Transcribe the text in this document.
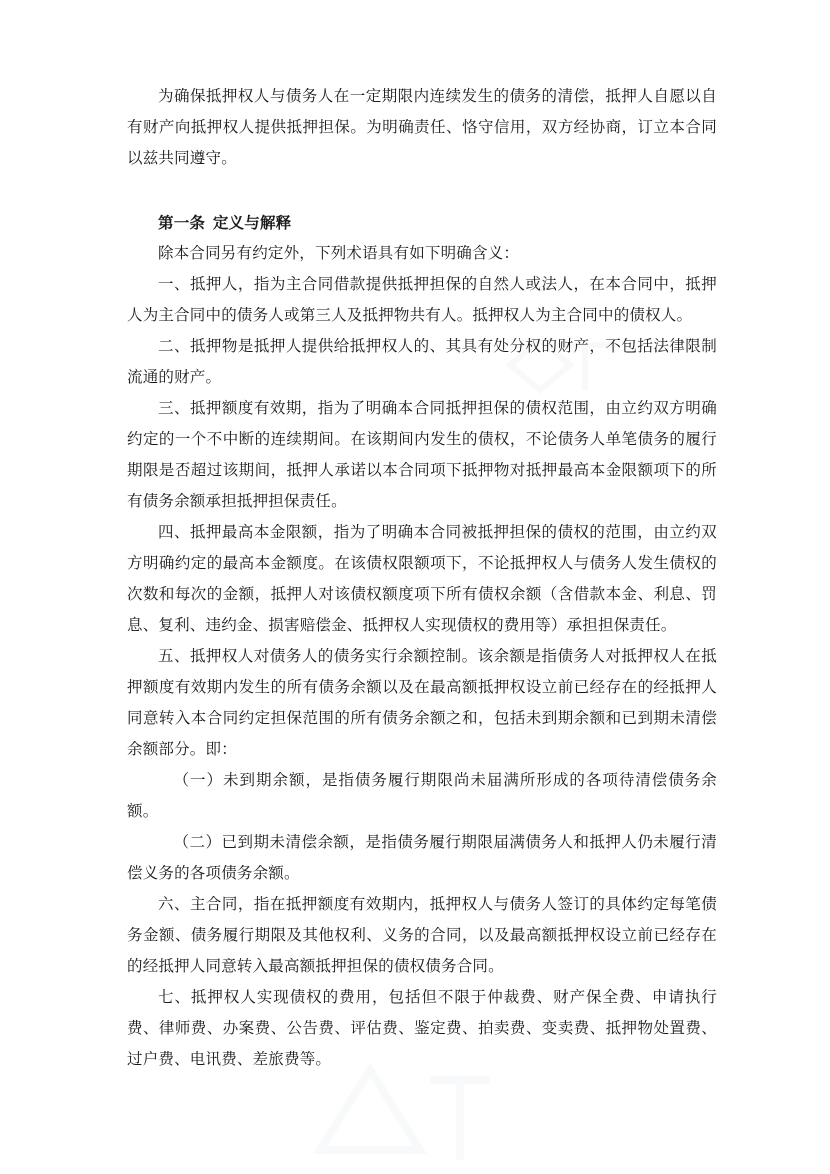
为确保抵押权人与债务人在一定期限内连续发生的债务的清偿，抵押人自愿以自有财产向抵押权人提供抵押担保。为明确责任、恪守信用，双方经协商，订立本合同以兹共同遵守。

第一条 定义与解释

除本合同另有约定外，下列术语具有如下明确含义：

一、抵押人，指为主合同借款提供抵押担保的自然人或法人，在本合同中，抵押人为主合同中的债务人或第三人及抵押物共有人。抵押权人为主合同中的债权人。

二、抵押物是抵押人提供给抵押权人的、其具有处分权的财产，不包括法律限制流通的财产。

三、抵押额度有效期，指为了明确本合同抵押担保的债权范围，由立约双方明确约定的一个不中断的连续期间。在该期间内发生的债权，不论债务人单笔债务的履行期限是否超过该期间，抵押人承诺以本合同项下抵押物对抵押最高本金限额项下的所有债务余额承担抵押担保责任。

四、抵押最高本金限额，指为了明确本合同被抵押担保的债权的范围，由立约双方明确约定的最高本金额度。在该债权限额项下，不论抵押权人与债务人发生债权的次数和每次的金额，抵押人对该债权额度项下所有债权余额（含借款本金、利息、罚息、复利、违约金、损害赔偿金、抵押权人实现债权的费用等）承担担保责任。

五、抵押权人对债务人的债务实行余额控制。该余额是指债务人对抵押权人在抵押额度有效期内发生的所有债务余额以及在最高额抵押权设立前已经存在的经抵押人同意转入本合同约定担保范围的所有债务余额之和，包括未到期余额和已到期未清偿余额部分。即：

（一）未到期余额，是指债务履行期限尚未届满所形成的各项待清偿债务余额。

（二）已到期未清偿余额，是指债务履行期限届满债务人和抵押人仍未履行清偿义务的各项债务余额。

六、主合同，指在抵押额度有效期内，抵押权人与债务人签订的具体约定每笔债务金额、债务履行期限及其他权利、义务的合同，以及最高额抵押权设立前已经存在的经抵押人同意转入最高额抵押担保的债权债务合同。

七、抵押权人实现债权的费用，包括但不限于仲裁费、财产保全费、申请执行费、律师费、办案费、公告费、评估费、鉴定费、拍卖费、变卖费、抵押物处置费、过户费、电讯费、差旅费等。
